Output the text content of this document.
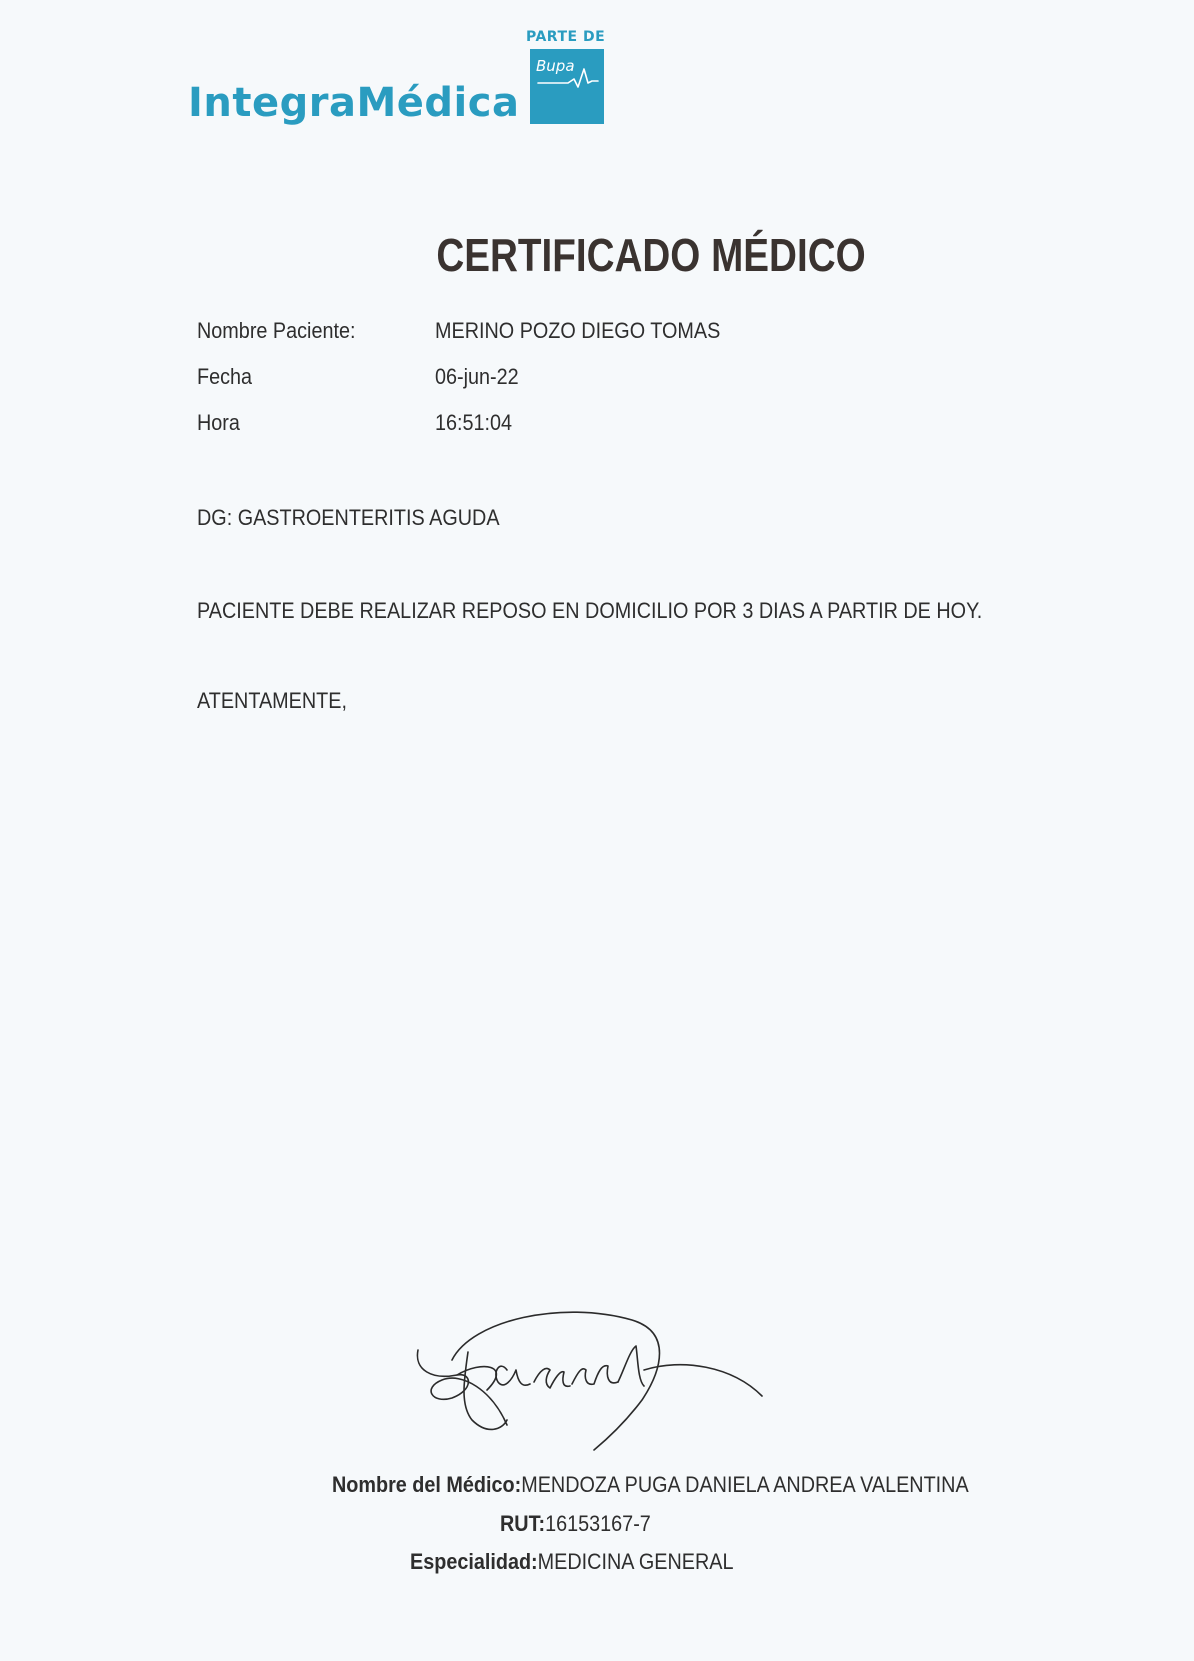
IntegraMédica
PARTE DE
Bupa
CERTIFICADO MÉDICO
Nombre Paciente:	MERINO POZO DIEGO TOMAS
Fecha	06-jun-22
Hora	16:51:04
DG: GASTROENTERITIS AGUDA
PACIENTE DEBE REALIZAR REPOSO EN DOMICILIO POR 3 DIAS A PARTIR DE HOY.
ATENTAMENTE,
Nombre del Médico:MENDOZA PUGA DANIELA ANDREA VALENTINA
RUT:16153167-7
Especialidad:MEDICINA GENERAL
